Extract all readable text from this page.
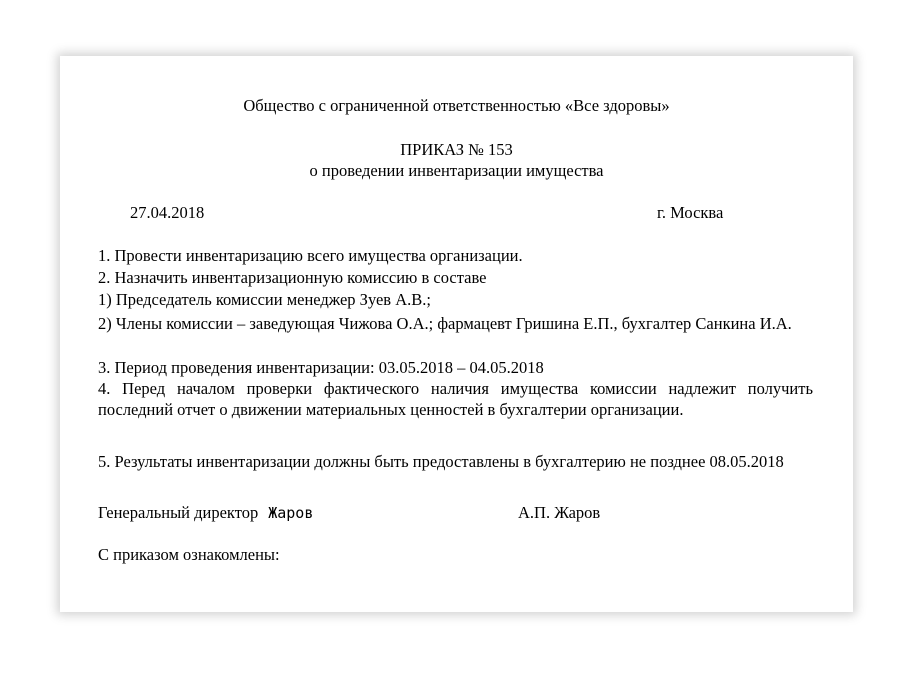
Общество с ограниченной ответственностью «Все здоровы»
ПРИКАЗ № 153
о проведении инвентаризации имущества
27.04.2018	г. Москва
1. Провести инвентаризацию всего имущества организации.
2. Назначить инвентаризационную комиссию в составе
1) Председатель комиссии менеджер Зуев А.В.;
2) Члены комиссии – заведующая Чижова О.А.; фармацевт Гришина Е.П., бухгалтер Санкина И.А.
3. Период проведения инвентаризации: 03.05.2018 – 04.05.2018
4. Перед началом проверки фактического наличия имущества комиссии надлежит получить последний отчет о движении материальных ценностей в бухгалтерии организации.
5. Результаты инвентаризации должны быть предоставлены в бухгалтерию не позднее 08.05.2018
Генеральный директор Жаров	А.П. Жаров
С приказом ознакомлены:
